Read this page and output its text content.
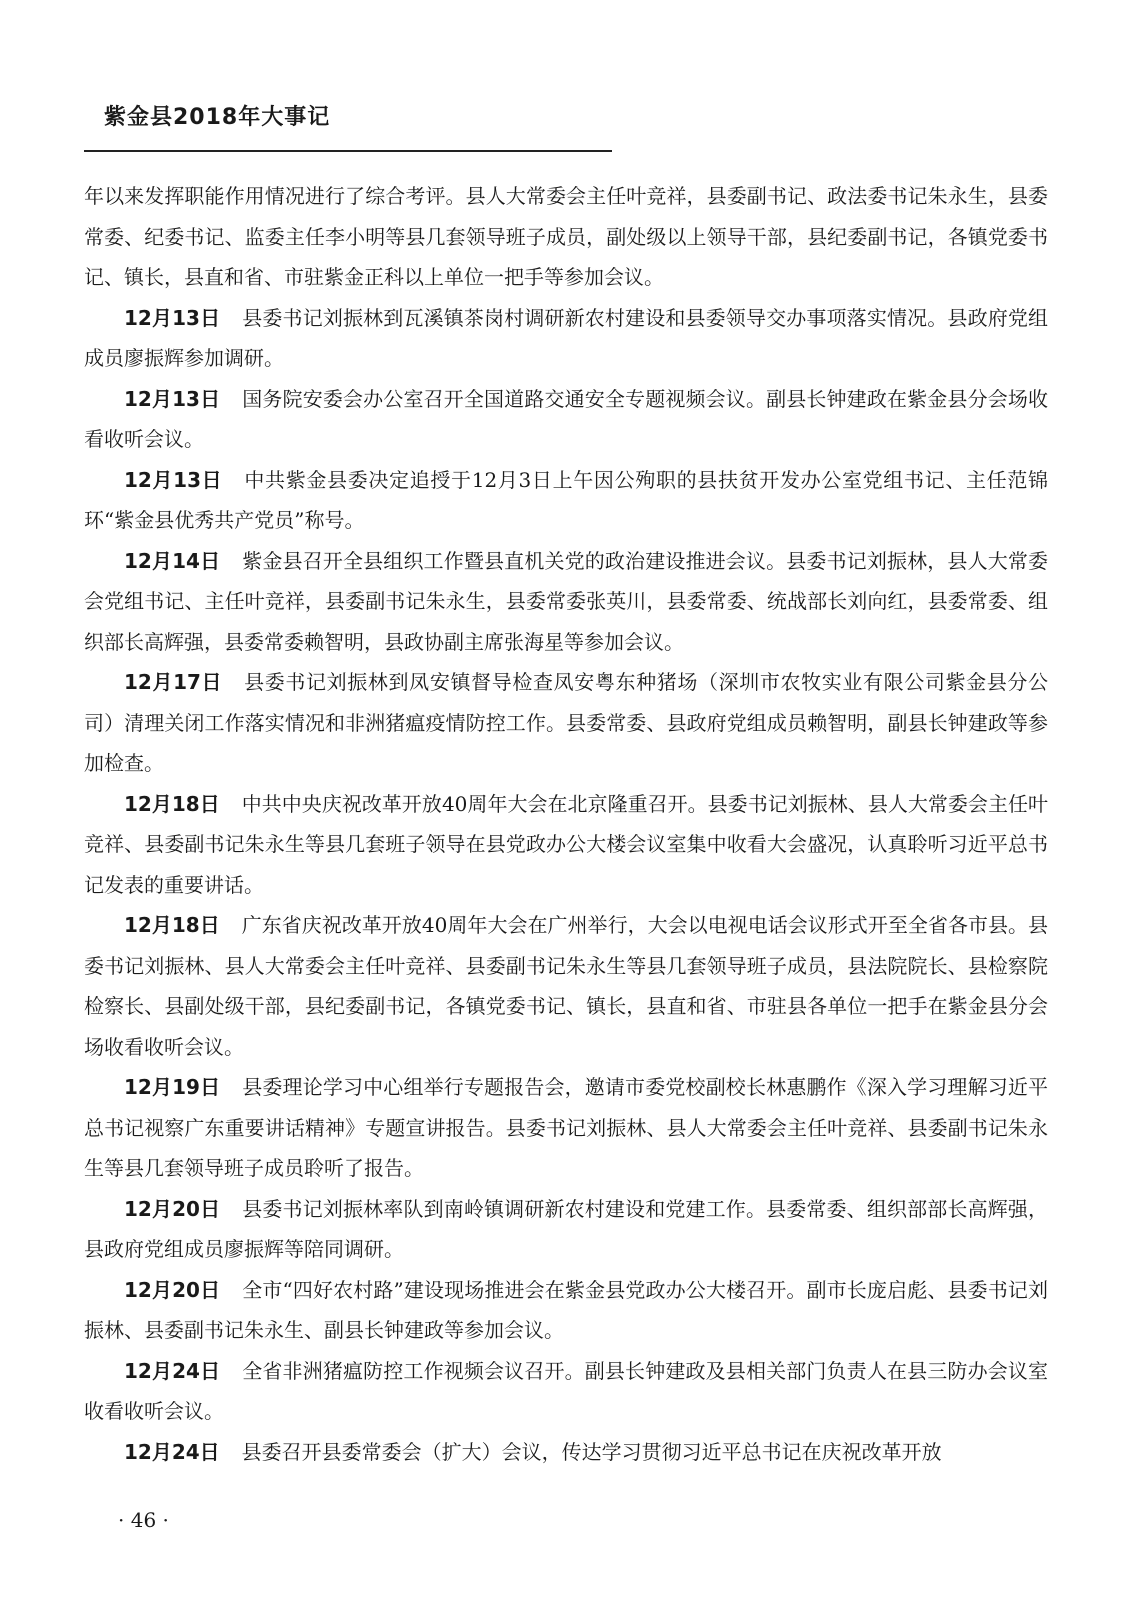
紫金县2018年大事记

年以来发挥职能作用情况进行了综合考评。县人大常委会主任叶竞祥，县委副书记、政法委书记朱永生，县委常委、纪委书记、监委主任李小明等县几套领导班子成员，副处级以上领导干部，县纪委副书记，各镇党委书记、镇长，县直和省、市驻紫金正科以上单位一把手等参加会议。

12月13日 县委书记刘振林到瓦溪镇茶岗村调研新农村建设和县委领导交办事项落实情况。县政府党组成员廖振辉参加调研。

12月13日 国务院安委会办公室召开全国道路交通安全专题视频会议。副县长钟建政在紫金县分会场收看收听会议。

12月13日 中共紫金县委决定追授于12月3日上午因公殉职的县扶贫开发办公室党组书记、主任范锦环“紫金县优秀共产党员”称号。

12月14日 紫金县召开全县组织工作暨县直机关党的政治建设推进会议。县委书记刘振林，县人大常委会党组书记、主任叶竞祥，县委副书记朱永生，县委常委张英川，县委常委、统战部长刘向红，县委常委、组织部长高辉强，县委常委赖智明，县政协副主席张海星等参加会议。

12月17日 县委书记刘振林到凤安镇督导检查凤安粤东种猪场（深圳市农牧实业有限公司紫金县分公司）清理关闭工作落实情况和非洲猪瘟疫情防控工作。县委常委、县政府党组成员赖智明，副县长钟建政等参加检查。

12月18日 中共中央庆祝改革开放40周年大会在北京隆重召开。县委书记刘振林、县人大常委会主任叶竞祥、县委副书记朱永生等县几套班子领导在县党政办公大楼会议室集中收看大会盛况，认真聆听习近平总书记发表的重要讲话。

12月18日 广东省庆祝改革开放40周年大会在广州举行，大会以电视电话会议形式开至全省各市县。县委书记刘振林、县人大常委会主任叶竞祥、县委副书记朱永生等县几套领导班子成员，县法院院长、县检察院检察长、县副处级干部，县纪委副书记，各镇党委书记、镇长，县直和省、市驻县各单位一把手在紫金县分会场收看收听会议。

12月19日 县委理论学习中心组举行专题报告会，邀请市委党校副校长林惠鹏作《深入学习理解习近平总书记视察广东重要讲话精神》专题宣讲报告。县委书记刘振林、县人大常委会主任叶竞祥、县委副书记朱永生等县几套领导班子成员聆听了报告。

12月20日 县委书记刘振林率队到南岭镇调研新农村建设和党建工作。县委常委、组织部部长高辉强，县政府党组成员廖振辉等陪同调研。

12月20日 全市“四好农村路”建设现场推进会在紫金县党政办公大楼召开。副市长庞启彪、县委书记刘振林、县委副书记朱永生、副县长钟建政等参加会议。

12月24日 全省非洲猪瘟防控工作视频会议召开。副县长钟建政及县相关部门负责人在县三防办会议室收看收听会议。

12月24日 县委召开县委常委会（扩大）会议，传达学习贯彻习近平总书记在庆祝改革开放

· 46 ·
